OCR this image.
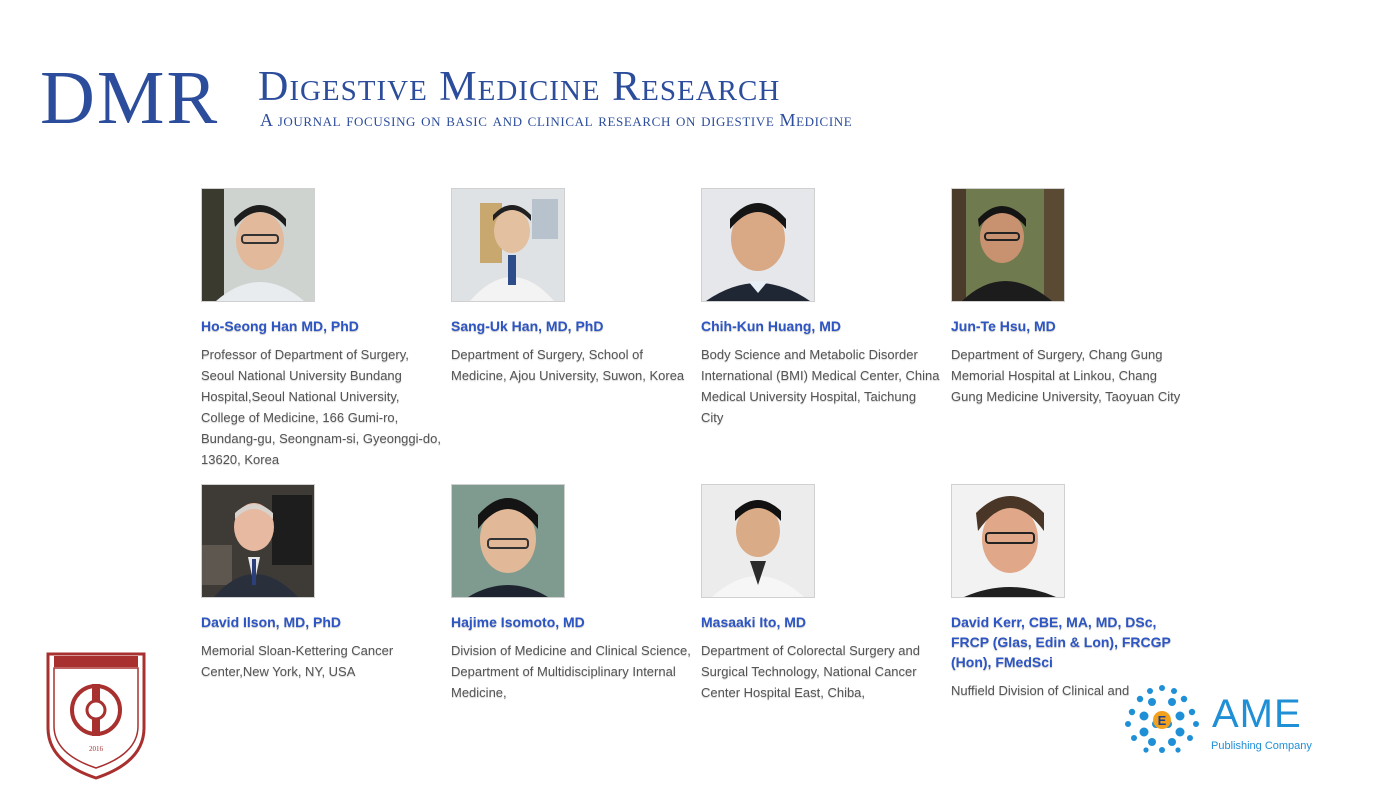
DMR Digestive Medicine Research
A journal focusing on basic and clinical research on digestive Medicine
Ho-Seong Han MD, PhD
Professor of Department of Surgery, Seoul National University Bundang Hospital,Seoul National University, College of Medicine, 166 Gumi-ro, Bundang-gu, Seongnam-si, Gyeonggi-do, 13620, Korea
Sang-Uk Han, MD, PhD
Department of Surgery, School of Medicine, Ajou University, Suwon, Korea
Chih-Kun Huang, MD
Body Science and Metabolic Disorder International (BMI) Medical Center, China Medical University Hospital, Taichung City
Jun-Te Hsu, MD
Department of Surgery, Chang Gung Memorial Hospital at Linkou, Chang Gung Medicine University, Taoyuan City
David Ilson, MD, PhD
Memorial Sloan-Kettering Cancer Center,New York, NY, USA
Hajime Isomoto, MD
Division of Medicine and Clinical Science, Department of Multidisciplinary Internal Medicine,
Masaaki Ito, MD
Department of Colorectal Surgery and Surgical Technology, National Cancer Center Hospital East, Chiba,
David Kerr, CBE, MA, MD, DSc, FRCP (Glas, Edin & Lon), FRCGP (Hon), FMedSci
Nuffield Division of Clinical and
2016
E AME
Publishing Company
